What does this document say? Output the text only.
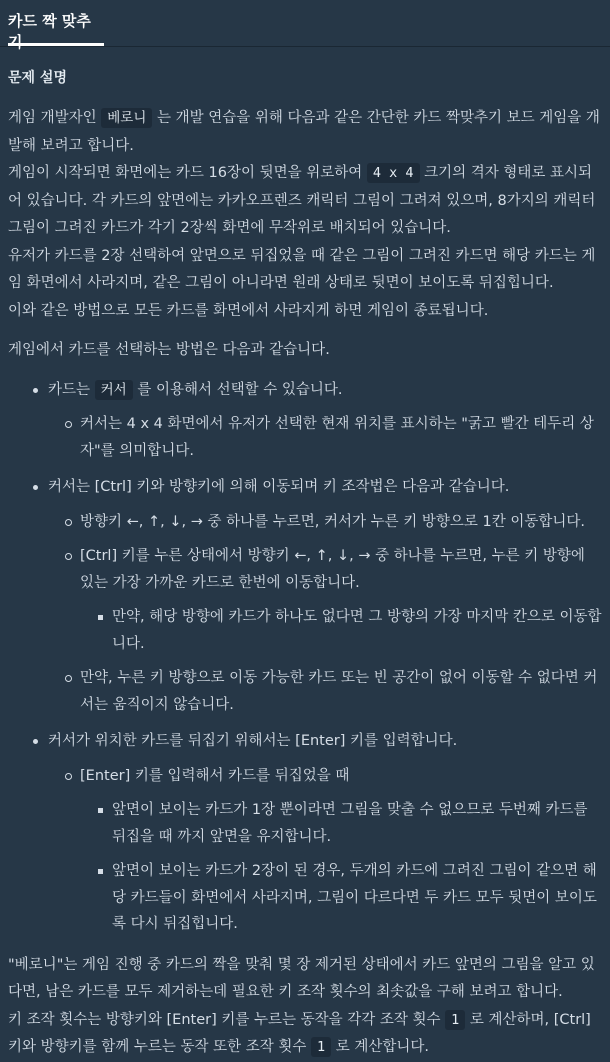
카드 짝 맞추기
문제 설명

게임 개발자인 베로니 는 개발 연습을 위해 다음과 같은 간단한 카드 짝맞추기 보드 게임을 개발해 보려고 합니다.

게임이 시작되면 화면에는 카드 16장이 뒷면을 위로하여 4 x 4 크기의 격자 형태로 표시되어 있습니다. 각 카드의 앞면에는 카카오프렌즈 캐릭터 그림이 그려져 있으며, 8가지의 캐릭터 그림이 그려진 카드가 각기 2장씩 화면에 무작위로 배치되어 있습니다.

유저가 카드를 2장 선택하여 앞면으로 뒤집었을 때 같은 그림이 그려진 카드면 해당 카드는 게임 화면에서 사라지며, 같은 그림이 아니라면 원래 상태로 뒷면이 보이도록 뒤집힙니다.

이와 같은 방법으로 모든 카드를 화면에서 사라지게 하면 게임이 종료됩니다.

게임에서 카드를 선택하는 방법은 다음과 같습니다.

카드는 커서 를 이용해서 선택할 수 있습니다.
커서는 4 x 4 화면에서 유저가 선택한 현재 위치를 표시하는 "굵고 빨간 테두리 상자"를 의미합니다.
커서는 [Ctrl] 키와 방향키에 의해 이동되며 키 조작법은 다음과 같습니다.
방향키 ←, ↑, ↓, → 중 하나를 누르면, 커서가 누른 키 방향으로 1칸 이동합니다.
[Ctrl] 키를 누른 상태에서 방향키 ←, ↑, ↓, → 중 하나를 누르면, 누른 키 방향에 있는 가장 가까운 카드로 한번에 이동합니다.
만약, 해당 방향에 카드가 하나도 없다면 그 방향의 가장 마지막 칸으로 이동합니다.
만약, 누른 키 방향으로 이동 가능한 카드 또는 빈 공간이 없어 이동할 수 없다면 커서는 움직이지 않습니다.
커서가 위치한 카드를 뒤집기 위해서는 [Enter] 키를 입력합니다.
[Enter] 키를 입력해서 카드를 뒤집었을 때
앞면이 보이는 카드가 1장 뿐이라면 그림을 맞출 수 없으므로 두번째 카드를 뒤집을 때 까지 앞면을 유지합니다.
앞면이 보이는 카드가 2장이 된 경우, 두개의 카드에 그려진 그림이 같으면 해당 카드들이 화면에서 사라지며, 그림이 다르다면 두 카드 모두 뒷면이 보이도록 다시 뒤집힙니다.

"베로니"는 게임 진행 중 카드의 짝을 맞춰 몇 장 제거된 상태에서 카드 앞면의 그림을 알고 있다면, 남은 카드를 모두 제거하는데 필요한 키 조작 횟수의 최솟값을 구해 보려고 합니다.

키 조작 횟수는 방향키와 [Enter] 키를 누르는 동작을 각각 조작 횟수 1 로 계산하며, [Ctrl] 키와 방향키를 함께 누르는 동작 또한 조작 횟수 1 로 계산합니다.
